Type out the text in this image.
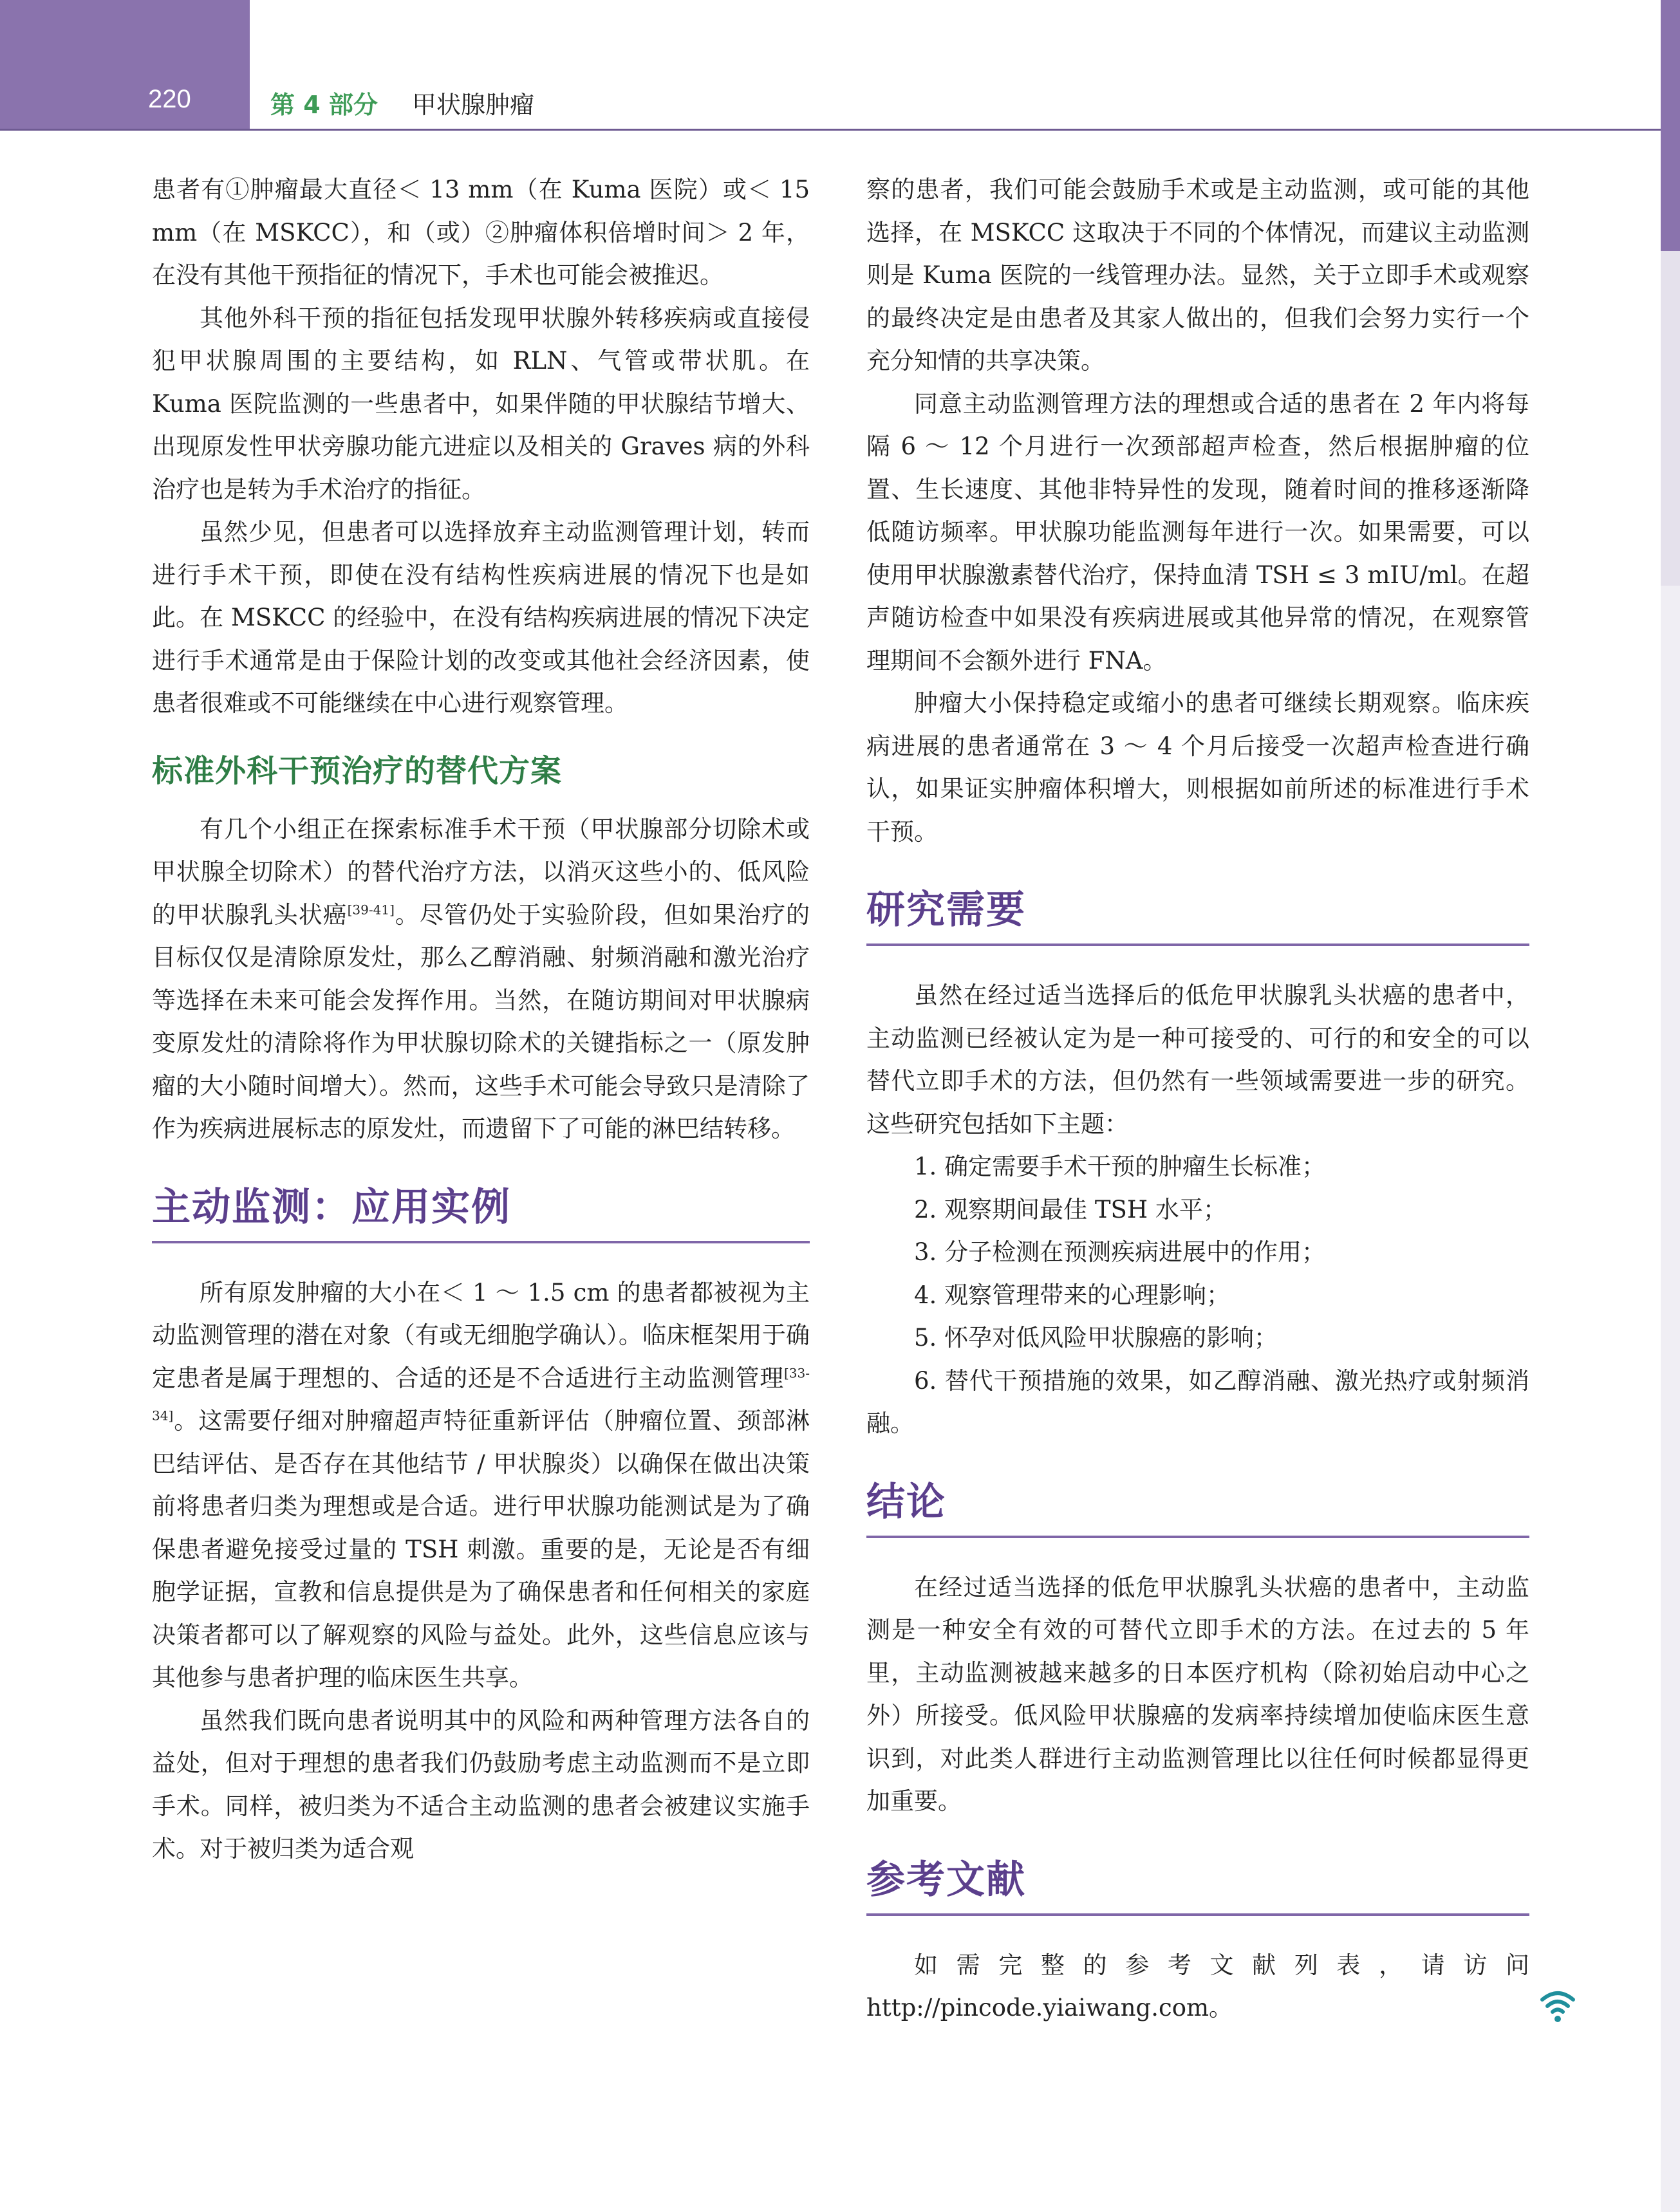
220	第 4 部分 甲状腺肿瘤

患者有①肿瘤最大直径＜ 13 mm（在 Kuma 医院）或＜ 15 mm（在 MSKCC），和（或）②肿瘤体积倍增时间＞ 2 年，在没有其他干预指征的情况下，手术也可能会被推迟。

其他外科干预的指征包括发现甲状腺外转移疾病或直接侵犯甲状腺周围的主要结构，如 RLN、气管或带状肌。在 Kuma 医院监测的一些患者中，如果伴随的甲状腺结节增大、出现原发性甲状旁腺功能亢进症以及相关的 Graves 病的外科治疗也是转为手术治疗的指征。

虽然少见，但患者可以选择放弃主动监测管理计划，转而进行手术干预，即使在没有结构性疾病进展的情况下也是如此。在 MSKCC 的经验中，在没有结构疾病进展的情况下决定进行手术通常是由于保险计划的改变或其他社会经济因素，使患者很难或不可能继续在中心进行观察管理。

标准外科干预治疗的替代方案

有几个小组正在探索标准手术干预（甲状腺部分切除术或甲状腺全切除术）的替代治疗方法，以消灭这些小的、低风险的甲状腺乳头状癌[39-41]。尽管仍处于实验阶段，但如果治疗的目标仅仅是清除原发灶，那么乙醇消融、射频消融和激光治疗等选择在未来可能会发挥作用。当然，在随访期间对甲状腺病变原发灶的清除将作为甲状腺切除术的关键指标之一（原发肿瘤的大小随时间增大）。然而，这些手术可能会导致只是清除了作为疾病进展标志的原发灶，而遗留下了可能的淋巴结转移。

主动监测：应用实例

所有原发肿瘤的大小在＜ 1 ～ 1.5 cm 的患者都被视为主动监测管理的潜在对象（有或无细胞学确认）。临床框架用于确定患者是属于理想的、合适的还是不合适进行主动监测管理[33-34]。这需要仔细对肿瘤超声特征重新评估（肿瘤位置、颈部淋巴结评估、是否存在其他结节 / 甲状腺炎）以确保在做出决策前将患者归类为理想或是合适。进行甲状腺功能测试是为了确保患者避免接受过量的 TSH 刺激。重要的是，无论是否有细胞学证据，宣教和信息提供是为了确保患者和任何相关的家庭决策者都可以了解观察的风险与益处。此外，这些信息应该与其他参与患者护理的临床医生共享。

虽然我们既向患者说明其中的风险和两种管理方法各自的益处，但对于理想的患者我们仍鼓励考虑主动监测而不是立即手术。同样，被归类为不适合主动监测的患者会被建议实施手术。对于被归类为适合观

察的患者，我们可能会鼓励手术或是主动监测，或可能的其他选择，在 MSKCC 这取决于不同的个体情况，而建议主动监测则是 Kuma 医院的一线管理办法。显然，关于立即手术或观察的最终决定是由患者及其家人做出的，但我们会努力实行一个充分知情的共享决策。

同意主动监测管理方法的理想或合适的患者在 2 年内将每隔 6 ～ 12 个月进行一次颈部超声检查，然后根据肿瘤的位置、生长速度、其他非特异性的发现，随着时间的推移逐渐降低随访频率。甲状腺功能监测每年进行一次。如果需要，可以使用甲状腺激素替代治疗，保持血清 TSH ≤ 3 mIU/ml。在超声随访检查中如果没有疾病进展或其他异常的情况，在观察管理期间不会额外进行 FNA。

肿瘤大小保持稳定或缩小的患者可继续长期观察。临床疾病进展的患者通常在 3 ～ 4 个月后接受一次超声检查进行确认，如果证实肿瘤体积增大，则根据如前所述的标准进行手术干预。

研究需要

虽然在经过适当选择后的低危甲状腺乳头状癌的患者中，主动监测已经被认定为是一种可接受的、可行的和安全的可以替代立即手术的方法，但仍然有一些领域需要进一步的研究。这些研究包括如下主题：

1. 确定需要手术干预的肿瘤生长标准；

2. 观察期间最佳 TSH 水平；

3. 分子检测在预测疾病进展中的作用；

4. 观察管理带来的心理影响；

5. 怀孕对低风险甲状腺癌的影响；

6. 替代干预措施的效果，如乙醇消融、激光热疗或射频消融。

结论

在经过适当选择的低危甲状腺乳头状癌的患者中，主动监测是一种安全有效的可替代立即手术的方法。在过去的 5 年里，主动监测被越来越多的日本医疗机构（除初始启动中心之外）所接受。低风险甲状腺癌的发病率持续增加使临床医生意识到，对此类人群进行主动监测管理比以往任何时候都显得更加重要。

参考文献

如需完整的参考文献列表，请访问 http://pincode.yiaiwang.com。
